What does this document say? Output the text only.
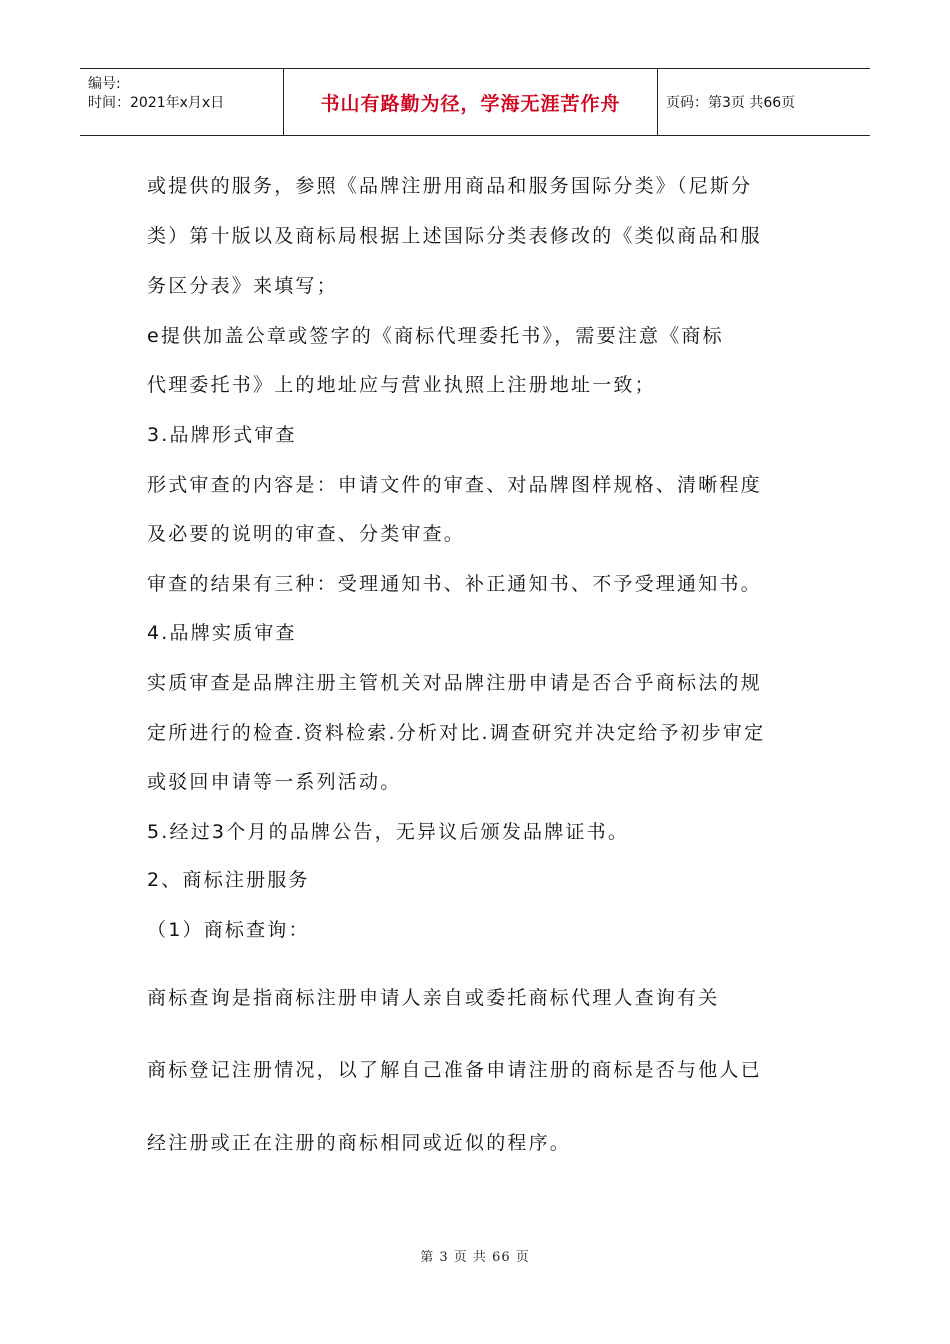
编号:
时间：2021年x月x日	书山有路勤为径，学海无涯苦作舟	页码：第3页 共66页
或提供的服务，参照《品牌注册用商品和服务国际分类》（尼斯分
类）第十版以及商标局根据上述国际分类表修改的《类似商品和服
务区分表》来填写；
e提供加盖公章或签字的《商标代理委托书》，需要注意《商标
代理委托书》上的地址应与营业执照上注册地址一致；
3.品牌形式审查
形式审查的内容是：申请文件的审查、对品牌图样规格、清晰程度
及必要的说明的审查、分类审查。
审查的结果有三种：受理通知书、补正通知书、不予受理通知书。
4.品牌实质审查
实质审查是品牌注册主管机关对品牌注册申请是否合乎商标法的规
定所进行的检查.资料检索.分析对比.调查研究并决定给予初步审定
或驳回申请等一系列活动。
5.经过3个月的品牌公告，无异议后颁发品牌证书。
2、商标注册服务
（1）商标查询：
商标查询是指商标注册申请人亲自或委托商标代理人查询有关
商标登记注册情况，以了解自己准备申请注册的商标是否与他人已
经注册或正在注册的商标相同或近似的程序。
第 3 页 共 66 页
